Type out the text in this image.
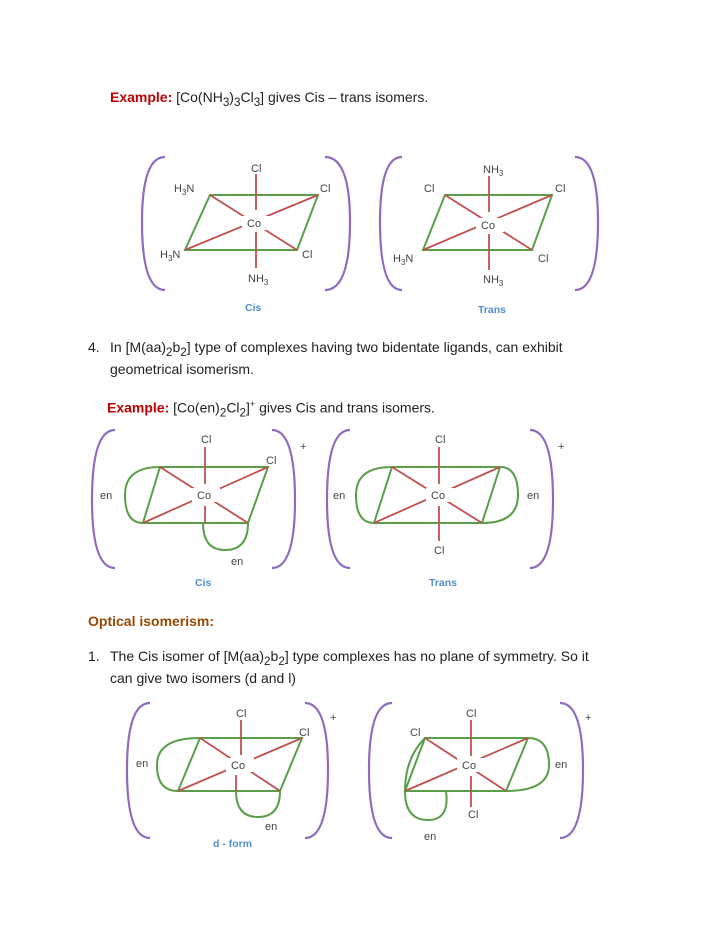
Example: $[Co(NH_3)_3Cl_3]$ gives Cis – trans isomers.
4. In $[M(aa)_2b_2]$ type of complexes having two bidentate ligands, can exhibit
geometrical isomerism.
Example: $[Co(en)_2Cl_2]^+$ gives Cis and trans isomers.
Optical isomerism:
1. The Cis isomer of $[M(aa)_2b_2]$ type complexes has no plane of symmetry. So it
can give two isomers (d and l)
Cl
$H_3N$	Cl
Co
$H_3N$	Cl
$NH_3$
Cis
$NH_3$
Cl	Cl
Co
$H_3N$	Cl
$NH_3$
Trans
Cl
Cl
en	Co
en
+
Cis
Cl
en	Co	en
Cl
+
Trans
Cl
Cl
en	Co
en
+
d - form
Cl
Cl
Co	en
Cl
en
+
